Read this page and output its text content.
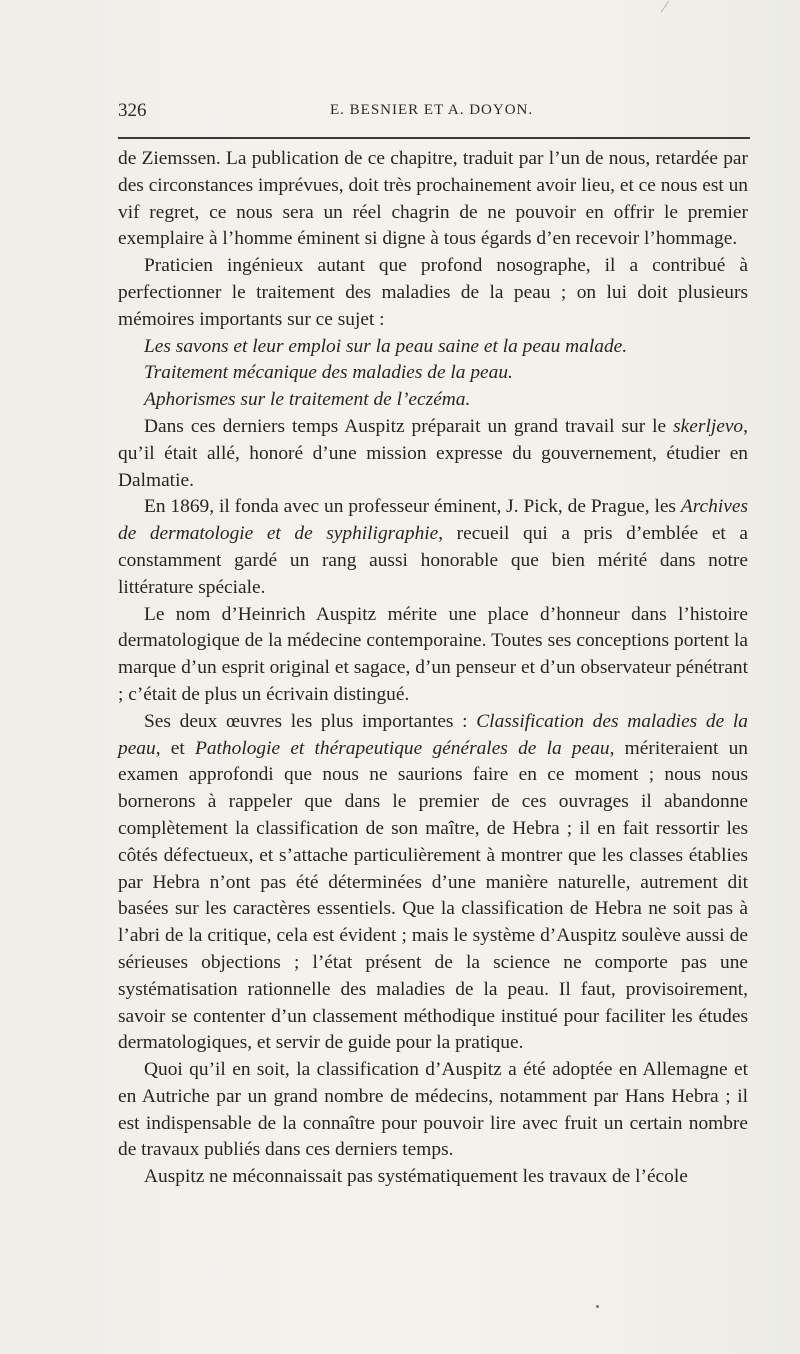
326	E. BESNIER ET A. DOYON.

de Ziemssen. La publication de ce chapitre, traduit par l’un de nous, retardée par des circonstances imprévues, doit très prochainement avoir lieu, et ce nous est un vif regret, ce nous sera un réel chagrin de ne pouvoir en offrir le premier exemplaire à l’homme éminent si digne à tous égards d’en recevoir l’hommage.

Praticien ingénieux autant que profond nosographe, il a contribué à perfectionner le traitement des maladies de la peau ; on lui doit plusieurs mémoires importants sur ce sujet :

Les savons et leur emploi sur la peau saine et la peau malade.

Traitement mécanique des maladies de la peau.

Aphorismes sur le traitement de l’eczéma.

Dans ces derniers temps Auspitz préparait un grand travail sur le skerljevo, qu’il était allé, honoré d’une mission expresse du gouvernement, étudier en Dalmatie.

En 1869, il fonda avec un professeur éminent, J. Pick, de Prague, les Archives de dermatologie et de syphiligraphie, recueil qui a pris d’emblée et a constamment gardé un rang aussi honorable que bien mérité dans notre littérature spéciale.

Le nom d’Heinrich Auspitz mérite une place d’honneur dans l’histoire dermatologique de la médecine contemporaine. Toutes ses conceptions portent la marque d’un esprit original et sagace, d’un penseur et d’un observateur pénétrant ; c’était de plus un écrivain distingué.

Ses deux œuvres les plus importantes : Classification des maladies de la peau, et Pathologie et thérapeutique générales de la peau, mériteraient un examen approfondi que nous ne saurions faire en ce moment ; nous nous bornerons à rappeler que dans le premier de ces ouvrages il abandonne complètement la classification de son maître, de Hebra ; il en fait ressortir les côtés défectueux, et s’attache particulièrement à montrer que les classes établies par Hebra n’ont pas été déterminées d’une manière naturelle, autrement dit basées sur les caractères essentiels. Que la classification de Hebra ne soit pas à l’abri de la critique, cela est évident ; mais le système d’Auspitz soulève aussi de sérieuses objections ; l’état présent de la science ne comporte pas une systématisation rationnelle des maladies de la peau. Il faut, provisoirement, savoir se contenter d’un classement méthodique institué pour faciliter les études dermatologiques, et servir de guide pour la pratique.

Quoi qu’il en soit, la classification d’Auspitz a été adoptée en Allemagne et en Autriche par un grand nombre de médecins, notamment par Hans Hebra ; il est indispensable de la connaître pour pouvoir lire avec fruit un certain nombre de travaux publiés dans ces derniers temps.

Auspitz ne méconnaissait pas systématiquement les travaux de l’école
